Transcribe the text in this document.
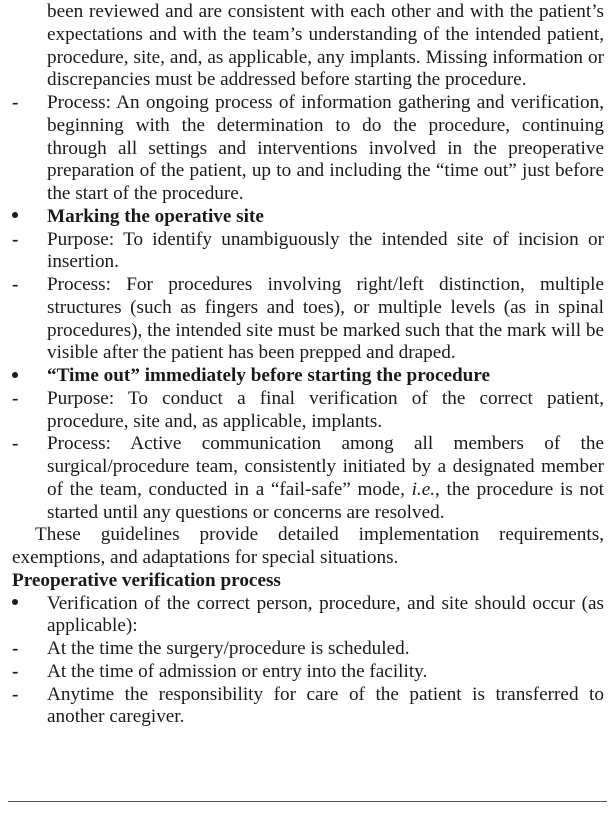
been reviewed and are consistent with each other and with the patient’s expectations and with the team’s understanding of the intended patient, procedure, site, and, as applicable, any implants. Missing information or discrepancies must be addressed before starting the procedure.
-	Process: An ongoing process of information gathering and verification, beginning with the determination to do the procedure, continuing through all settings and interventions involved in the preoperative preparation of the patient, up to and including the “time out” just before the start of the procedure.
Marking the operative site
-	Purpose: To identify unambiguously the intended site of incision or insertion.
-	Process: For procedures involving right/left distinction, multiple structures (such as fingers and toes), or multiple levels (as in spinal procedures), the intended site must be marked such that the mark will be visible after the patient has been prepped and draped.
“Time out” immediately before starting the procedure
-	Purpose: To conduct a final verification of the correct patient, procedure, site and, as applicable, implants.
-	Process: Active communication among all members of the surgical/procedure team, consistently initiated by a designated member of the team, conducted in a “fail-safe” mode, i.e., the procedure is not started until any questions or concerns are resolved.
These guidelines provide detailed implementation requirements, exemptions, and adaptations for special situations.
Preoperative verification process
Verification of the correct person, procedure, and site should occur (as applicable):
-	At the time the surgery/procedure is scheduled.
-	At the time of admission or entry into the facility.
-	Anytime the responsibility for care of the patient is transferred to another caregiver.
